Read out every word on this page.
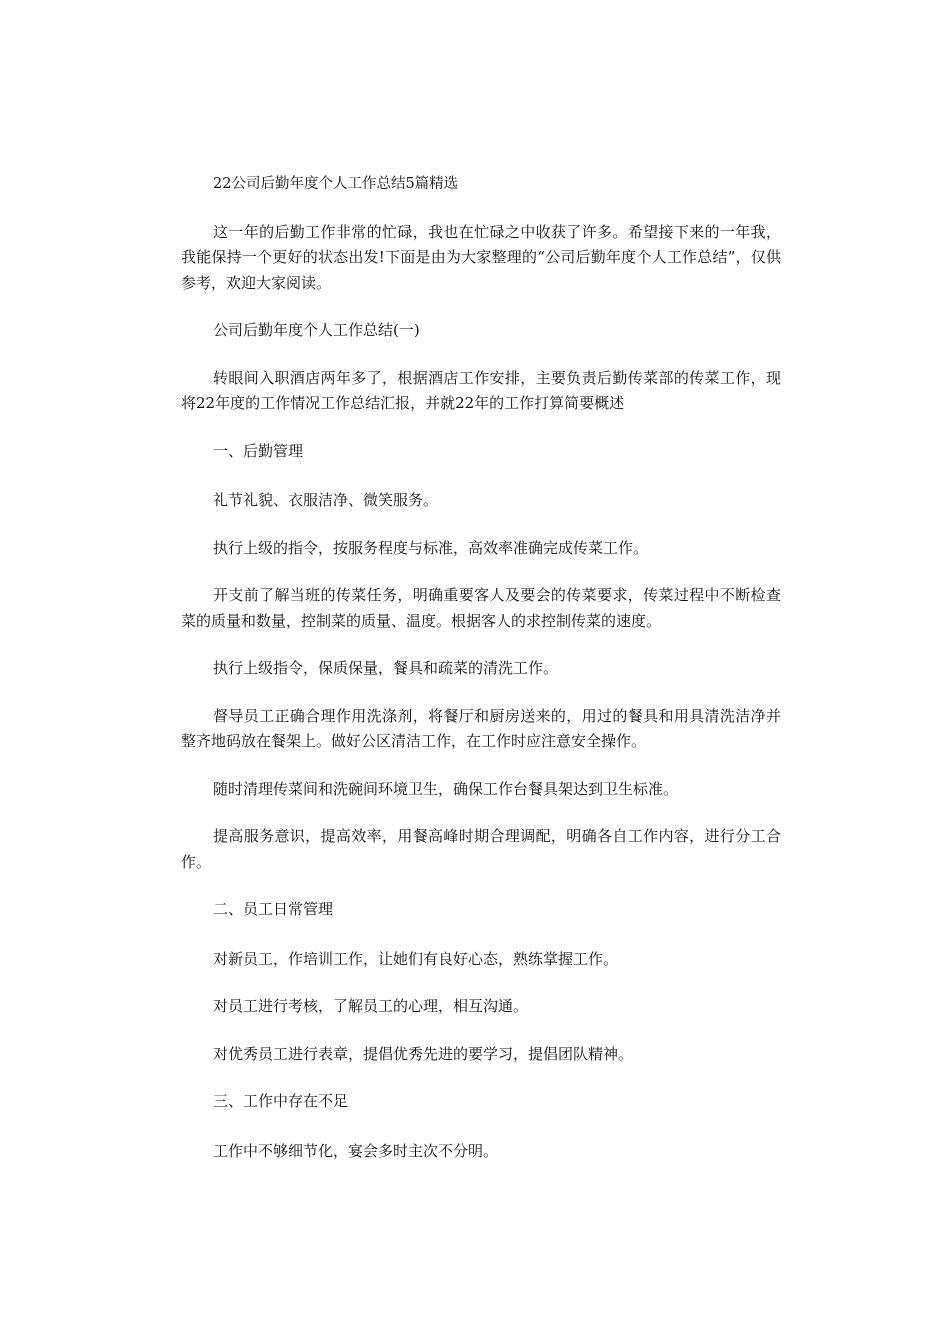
22公司后勤年度个人工作总结5篇精选

这一年的后勤工作非常的忙碌，我也在忙碌之中收获了许多。希望接下来的一年我，我能保持一个更好的状态出发!下面是由为大家整理的“公司后勤年度个人工作总结”，仅供参考，欢迎大家阅读。

公司后勤年度个人工作总结(一)

转眼间入职酒店两年多了，根据酒店工作安排，主要负责后勤传菜部的传菜工作，现将22年度的工作情况工作总结汇报，并就22年的工作打算简要概述

一、后勤管理

礼节礼貌、衣服洁净、微笑服务。

执行上级的指令，按服务程度与标准，高效率准确完成传菜工作。

开支前了解当班的传菜任务，明确重要客人及要会的传菜要求，传菜过程中不断检查菜的质量和数量，控制菜的质量、温度。根据客人的求控制传菜的速度。

执行上级指令，保质保量，餐具和疏菜的清洗工作。

督导员工正确合理作用洗涤剂，将餐厅和厨房送来的，用过的餐具和用具清洗洁净并整齐地码放在餐架上。做好公区清洁工作，在工作时应注意安全操作。

随时清理传菜间和洗碗间环境卫生，确保工作台餐具架达到卫生标准。

提高服务意识，提高效率，用餐高峰时期合理调配，明确各自工作内容，进行分工合作。

二、员工日常管理

对新员工，作培训工作，让她们有良好心态，熟练掌握工作。

对员工进行考核，了解员工的心理，相互沟通。

对优秀员工进行表章，提倡优秀先进的要学习，提倡团队精神。

三、工作中存在不足

工作中不够细节化，宴会多时主次不分明。
